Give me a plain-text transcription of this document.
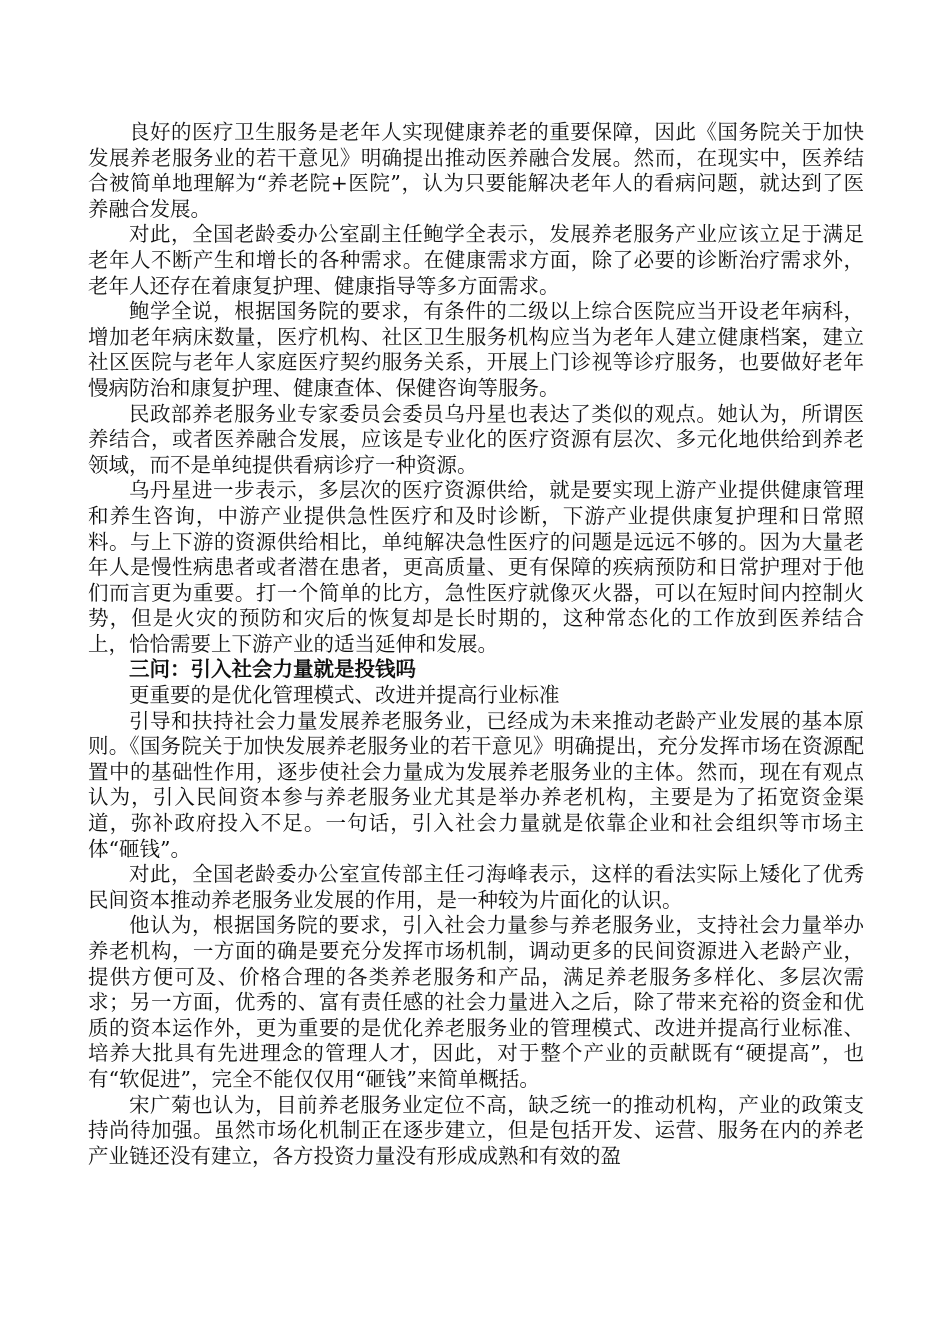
良好的医疗卫生服务是老年人实现健康养老的重要保障，因此《国务院关于加快发展养老服务业的若干意见》明确提出推动医养融合发展。然而，在现实中，医养结合被简单地理解为“养老院+医院”，认为只要能解决老年人的看病问题，就达到了医养融合发展。

对此，全国老龄委办公室副主任鲍学全表示，发展养老服务产业应该立足于满足老年人不断产生和增长的各种需求。在健康需求方面，除了必要的诊断治疗需求外，老年人还存在着康复护理、健康指导等多方面需求。

鲍学全说，根据国务院的要求，有条件的二级以上综合医院应当开设老年病科，增加老年病床数量，医疗机构、社区卫生服务机构应当为老年人建立健康档案，建立社区医院与老年人家庭医疗契约服务关系，开展上门诊视等诊疗服务，也要做好老年慢病防治和康复护理、健康查体、保健咨询等服务。

民政部养老服务业专家委员会委员乌丹星也表达了类似的观点。她认为，所谓医养结合，或者医养融合发展，应该是专业化的医疗资源有层次、多元化地供给到养老领域，而不是单纯提供看病诊疗一种资源。

乌丹星进一步表示，多层次的医疗资源供给，就是要实现上游产业提供健康管理和养生咨询，中游产业提供急性医疗和及时诊断，下游产业提供康复护理和日常照料。与上下游的资源供给相比，单纯解决急性医疗的问题是远远不够的。因为大量老年人是慢性病患者或者潜在患者，更高质量、更有保障的疾病预防和日常护理对于他们而言更为重要。打一个简单的比方，急性医疗就像灭火器，可以在短时间内控制火势，但是火灾的预防和灾后的恢复却是长时期的，这种常态化的工作放到医养结合上，恰恰需要上下游产业的适当延伸和发展。

三问：引入社会力量就是投钱吗

更重要的是优化管理模式、改进并提高行业标准

引导和扶持社会力量发展养老服务业，已经成为未来推动老龄产业发展的基本原则。《国务院关于加快发展养老服务业的若干意见》明确提出，充分发挥市场在资源配置中的基础性作用，逐步使社会力量成为发展养老服务业的主体。然而，现在有观点认为，引入民间资本参与养老服务业尤其是举办养老机构，主要是为了拓宽资金渠道，弥补政府投入不足。一句话，引入社会力量就是依靠企业和社会组织等市场主体“砸钱”。

对此，全国老龄委办公室宣传部主任刁海峰表示，这样的看法实际上矮化了优秀民间资本推动养老服务业发展的作用，是一种较为片面化的认识。

他认为，根据国务院的要求，引入社会力量参与养老服务业，支持社会力量举办养老机构，一方面的确是要充分发挥市场机制，调动更多的民间资源进入老龄产业，提供方便可及、价格合理的各类养老服务和产品，满足养老服务多样化、多层次需求；另一方面，优秀的、富有责任感的社会力量进入之后，除了带来充裕的资金和优质的资本运作外，更为重要的是优化养老服务业的管理模式、改进并提高行业标准、培养大批具有先进理念的管理人才，因此，对于整个产业的贡献既有“硬提高”，也有“软促进”，完全不能仅仅用“砸钱”来简单概括。

宋广菊也认为，目前养老服务业定位不高，缺乏统一的推动机构，产业的政策支持尚待加强。虽然市场化机制正在逐步建立，但是包括开发、运营、服务在内的养老产业链还没有建立，各方投资力量没有形成成熟和有效的盈
